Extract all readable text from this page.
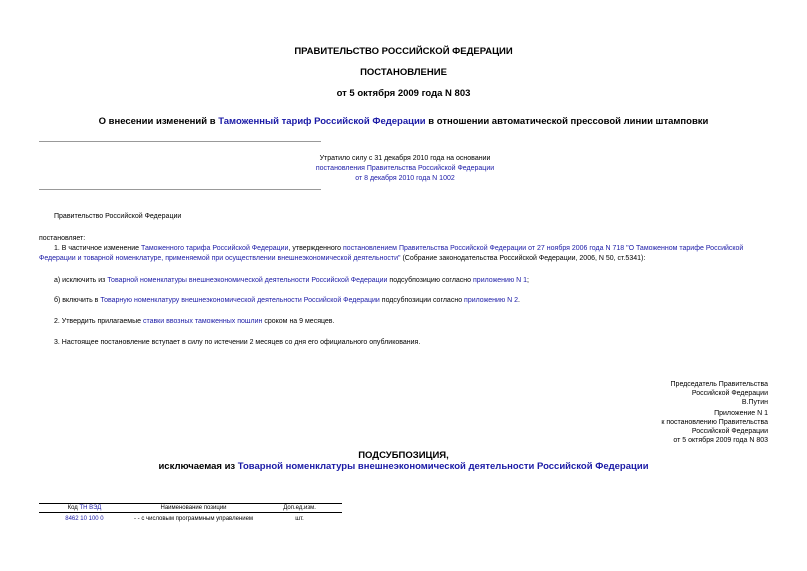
ПРАВИТЕЛЬСТВО РОССИЙСКОЙ ФЕДЕРАЦИИ
ПОСТАНОВЛЕНИЕ
от 5 октября 2009 года N 803
О внесении изменений в Таможенный тариф Российской Федерации в отношении автоматической прессовой линии штамповки
Утратило силу с 31 декабря 2010 года на основании
постановления Правительства Российской Федерации
от 8 декабря 2010 года N 1002
Правительство Российской Федерации
постановляет:
1. В частичное изменение Таможенного тарифа Российской Федерации, утвержденного постановлением Правительства Российской Федерации от 27 ноября 2006 года N 718 "О Таможенном тарифе Российской
Федерации и товарной номенклатуре, применяемой при осуществлении внешнеэкономической деятельности" (Собрание законодательства Российской Федерации, 2006, N 50, ст.5341):
а) исключить из Товарной номенклатуры внешнеэкономической деятельности Российской Федерации подсубпозицию согласно приложению N 1;
б) включить в Товарную номенклатуру внешнеэкономической деятельности Российской Федерации подсубпозиции согласно приложению N 2.
2. Утвердить прилагаемые ставки ввозных таможенных пошлин сроком на 9 месяцев.
3. Настоящее постановление вступает в силу по истечении 2 месяцев со дня его официального опубликования.
Председатель Правительства
Российской Федерации
В.Путин
Приложение N 1
к постановлению Правительства
Российской Федерации
от 5 октября 2009 года N 803
ПОДСУБПОЗИЦИЯ,
исключаемая из Товарной номенклатуры внешнеэкономической деятельности Российской Федерации
Код ТН ВЭД	Наименование позиции	Доп.ед.изм.
8462 10 100 0	- - с числовым программным управлением	шт.
